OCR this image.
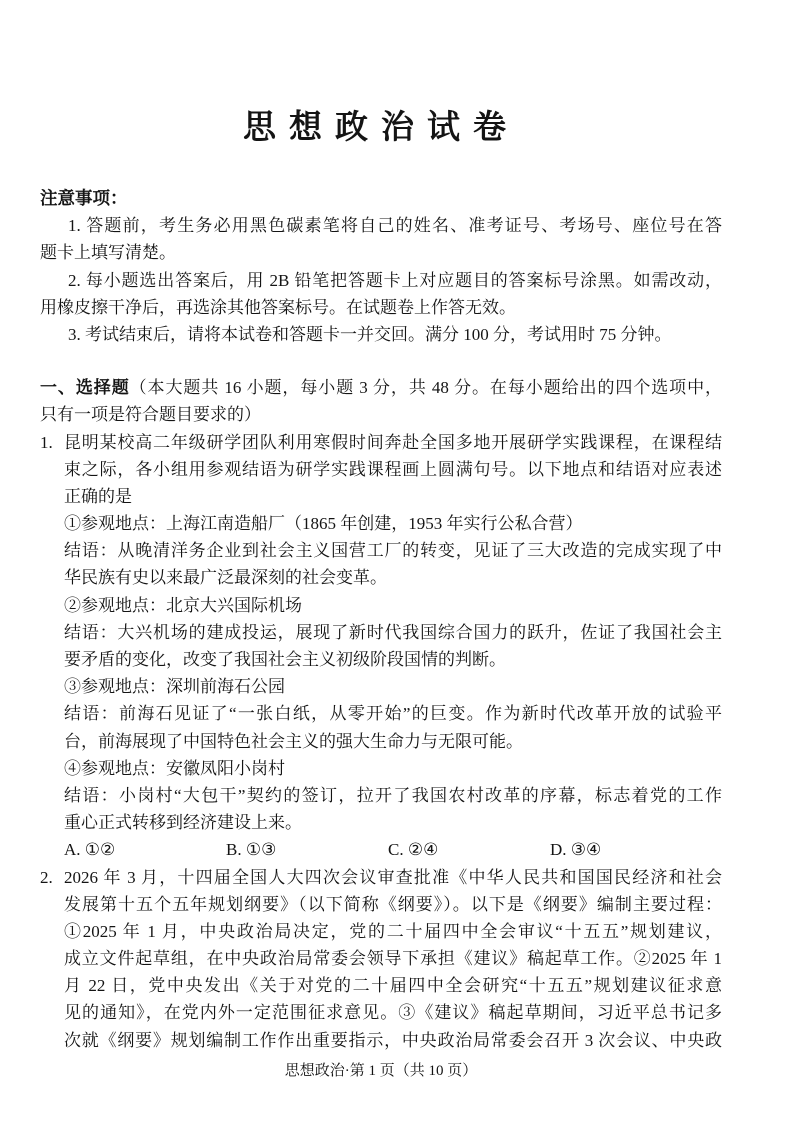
思想政治试卷
注意事项：
1. 答题前，考生务必用黑色碳素笔将自己的姓名、准考证号、考场号、座位号在答
题卡上填写清楚。
2. 每小题选出答案后，用 2B 铅笔把答题卡上对应题目的答案标号涂黑。如需改动，
用橡皮擦干净后，再选涂其他答案标号。在试题卷上作答无效。
3. 考试结束后，请将本试卷和答题卡一并交回。满分 100 分，考试用时 75 分钟。
一、选择题（本大题共 16 小题，每小题 3 分，共 48 分。在每小题给出的四个选项中，
只有一项是符合题目要求的）
1. 昆明某校高二年级研学团队利用寒假时间奔赴全国多地开展研学实践课程，在课程结
束之际，各小组用参观结语为研学实践课程画上圆满句号。以下地点和结语对应表述
正确的是
①参观地点：上海江南造船厂（1865 年创建，1953 年实行公私合营）
结语：从晚清洋务企业到社会主义国营工厂的转变，见证了三大改造的完成实现了中
华民族有史以来最广泛最深刻的社会变革。
②参观地点：北京大兴国际机场
结语：大兴机场的建成投运，展现了新时代我国综合国力的跃升，佐证了我国社会主
要矛盾的变化，改变了我国社会主义初级阶段国情的判断。
③参观地点：深圳前海石公园
结语：前海石见证了“一张白纸，从零开始”的巨变。作为新时代改革开放的试验平
台，前海展现了中国特色社会主义的强大生命力与无限可能。
④参观地点：安徽凤阳小岗村
结语：小岗村“大包干”契约的签订，拉开了我国农村改革的序幕，标志着党的工作
重心正式转移到经济建设上来。
A. ①②	B. ①③	C. ②④	D. ③④
2. 2026 年 3 月，十四届全国人大四次会议审查批准《中华人民共和国国民经济和社会
发展第十五个五年规划纲要》（以下简称《纲要》）。以下是《纲要》编制主要过程：
①2025 年 1 月，中央政治局决定，党的二十届四中全会审议“十五五”规划建议，
成立文件起草组，在中央政治局常委会领导下承担《建议》稿起草工作。②2025 年 1
月 22 日，党中央发出《关于对党的二十届四中全会研究“十五五”规划建议征求意
见的通知》，在党内外一定范围征求意见。③《建议》稿起草期间，习近平总书记多
次就《纲要》规划编制工作作出重要指示，中央政治局常委会召开 3 次会议、中央政
思想政治·第 1 页（共 10 页）
